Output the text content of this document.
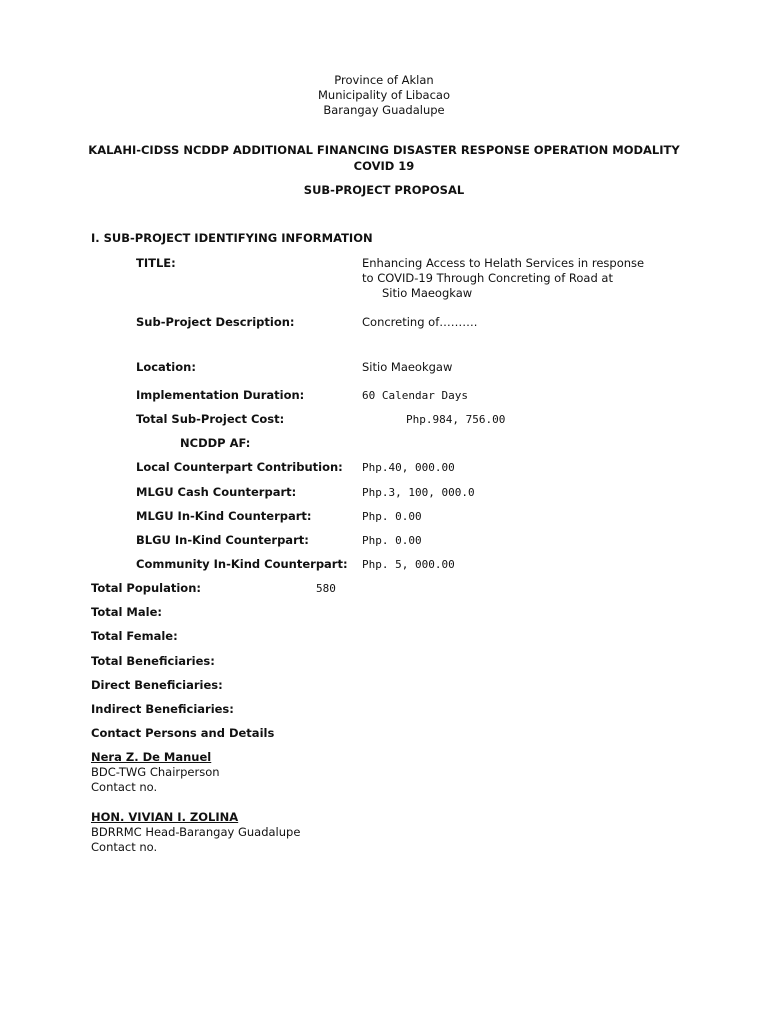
Province of Aklan
Municipality of Libacao
Barangay Guadalupe
KALAHI-CIDSS NCDDP ADDITIONAL FINANCING DISASTER RESPONSE OPERATION MODALITY
COVID 19
SUB-PROJECT PROPOSAL
I. SUB-PROJECT IDENTIFYING INFORMATION
TITLE:	Enhancing Access to Helath Services in response
to COVID-19 Through Concreting of Road at
Sitio Maeogkaw
Sub-Project Description:	Concreting of……….
Location:	Sitio Maeokgaw
Implementation Duration:	60 Calendar Days
Total Sub-Project Cost:	Php.984, 756.00
NCDDP AF:
Local Counterpart Contribution: Php.40, 000.00
MLGU Cash Counterpart:	Php.3, 100, 000.0
MLGU In-Kind Counterpart:	Php. 0.00
BLGU In-Kind Counterpart:	Php. 0.00
Community In-Kind Counterpart: Php. 5, 000.00
Total Population:	580
Total Male:
Total Female:
Total Beneficiaries:
Direct Beneficiaries:
Indirect Beneficiaries:
Contact Persons and Details
Nera Z. De Manuel
BDC-TWG Chairperson
Contact no.
HON. VIVIAN I. ZOLINA
BDRRMC Head-Barangay Guadalupe
Contact no.
